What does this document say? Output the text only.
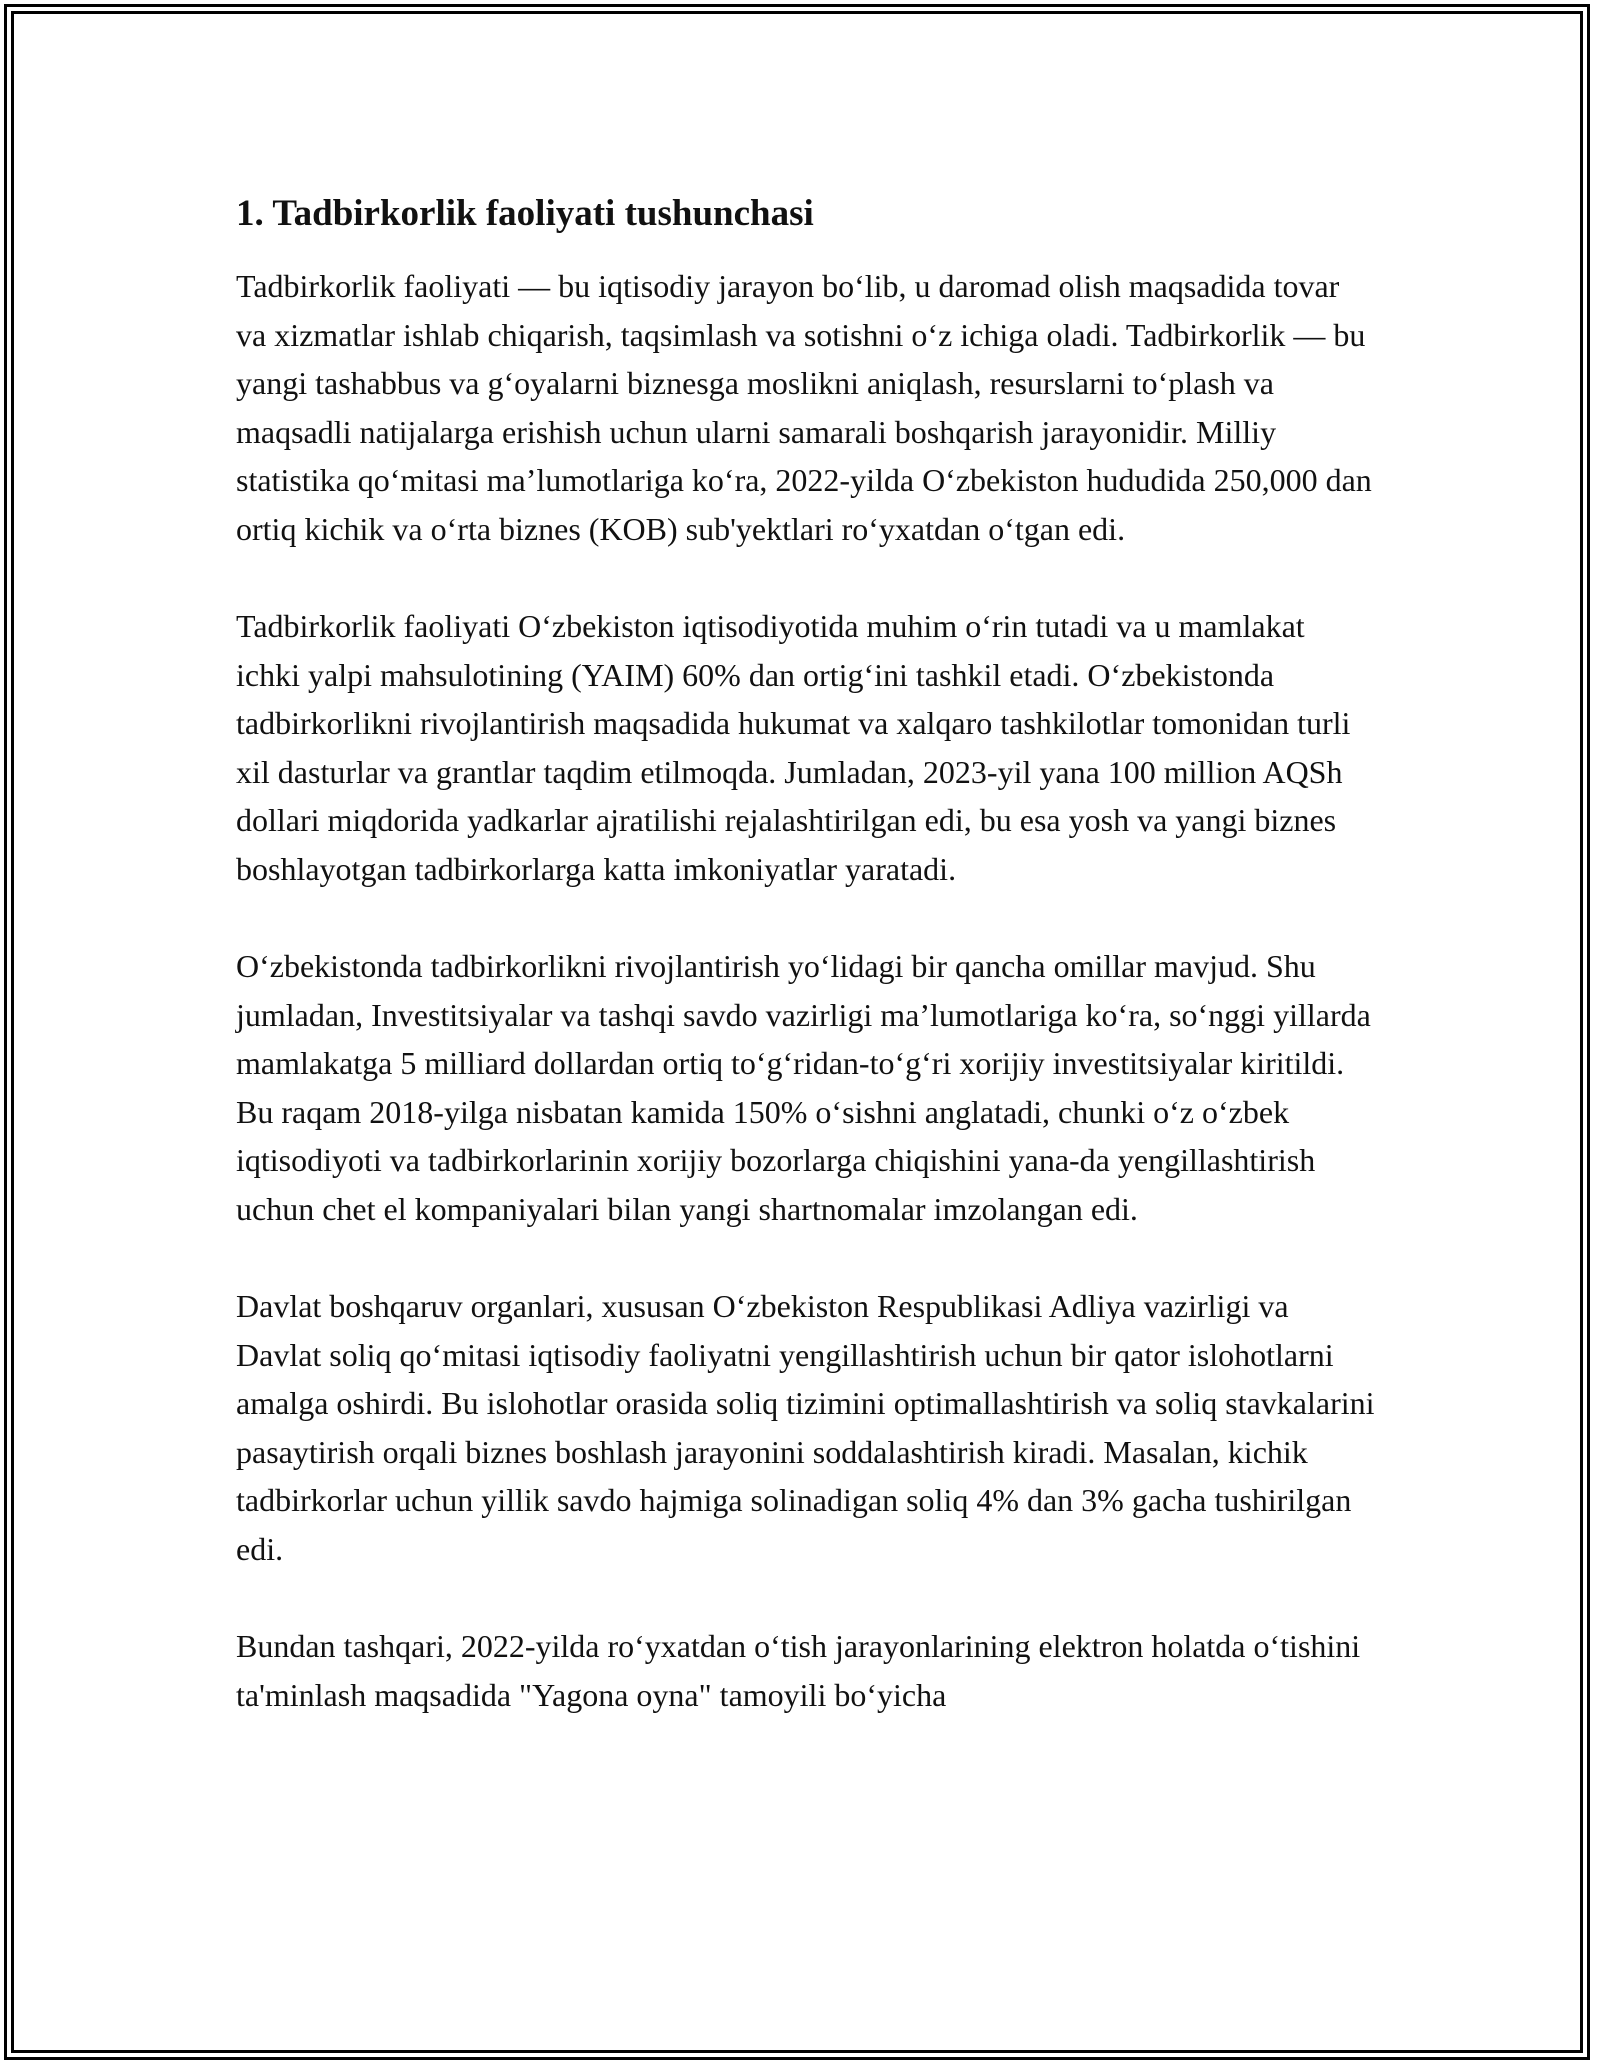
1. Tadbirkorlik faoliyati tushunchasi

Tadbirkorlik faoliyati — bu iqtisodiy jarayon bo‘lib, u daromad olish maqsadida tovar va xizmatlar ishlab chiqarish, taqsimlash va sotishni o‘z ichiga oladi. Tadbirkorlik — bu yangi tashabbus va g‘oyalarni biznesga moslikni aniqlash, resurslarni to‘plash va maqsadli natijalarga erishish uchun ularni samarali boshqarish jarayonidir. Milliy statistika qo‘mitasi ma’lumotlariga ko‘ra, 2022-yilda O‘zbekiston hududida 250,000 dan ortiq kichik va o‘rta biznes (KOB) sub'yektlari ro‘yxatdan o‘tgan edi.

Tadbirkorlik faoliyati O‘zbekiston iqtisodiyotida muhim o‘rin tutadi va u mamlakat ichki yalpi mahsulotining (YAIM) 60% dan ortig‘ini tashkil etadi. O‘zbekistonda tadbirkorlikni rivojlantirish maqsadida hukumat va xalqaro tashkilotlar tomonidan turli xil dasturlar va grantlar taqdim etilmoqda. Jumladan, 2023-yil yana 100 million AQSh dollari miqdorida yadkarlar ajratilishi rejalashtirilgan edi, bu esa yosh va yangi biznes boshlayotgan tadbirkorlarga katta imkoniyatlar yaratadi.

O‘zbekistonda tadbirkorlikni rivojlantirish yo‘lidagi bir qancha omillar mavjud. Shu jumladan, Investitsiyalar va tashqi savdo vazirligi ma’lumotlariga ko‘ra, so‘nggi yillarda mamlakatga 5 milliard dollardan ortiq to‘g‘ridan-to‘g‘ri xorijiy investitsiyalar kiritildi. Bu raqam 2018-yilga nisbatan kamida 150% o‘sishni anglatadi, chunki o‘z o‘zbek iqtisodiyoti va tadbirkorlarinin xorijiy bozorlarga chiqishini yana-da yengillashtirish uchun chet el kompaniyalari bilan yangi shartnomalar imzolangan edi.

Davlat boshqaruv organlari, xususan O‘zbekiston Respublikasi Adliya vazirligi va Davlat soliq qo‘mitasi iqtisodiy faoliyatni yengillashtirish uchun bir qator islohotlarni amalga oshirdi. Bu islohotlar orasida soliq tizimini optimallashtirish va soliq stavkalarini pasaytirish orqali biznes boshlash jarayonini soddalashtirish kiradi. Masalan, kichik tadbirkorlar uchun yillik savdo hajmiga solinadigan soliq 4% dan 3% gacha tushirilgan edi.

Bundan tashqari, 2022-yilda ro‘yxatdan o‘tish jarayonlarining elektron holatda o‘tishini ta'minlash maqsadida "Yagona oyna" tamoyili bo‘yicha
